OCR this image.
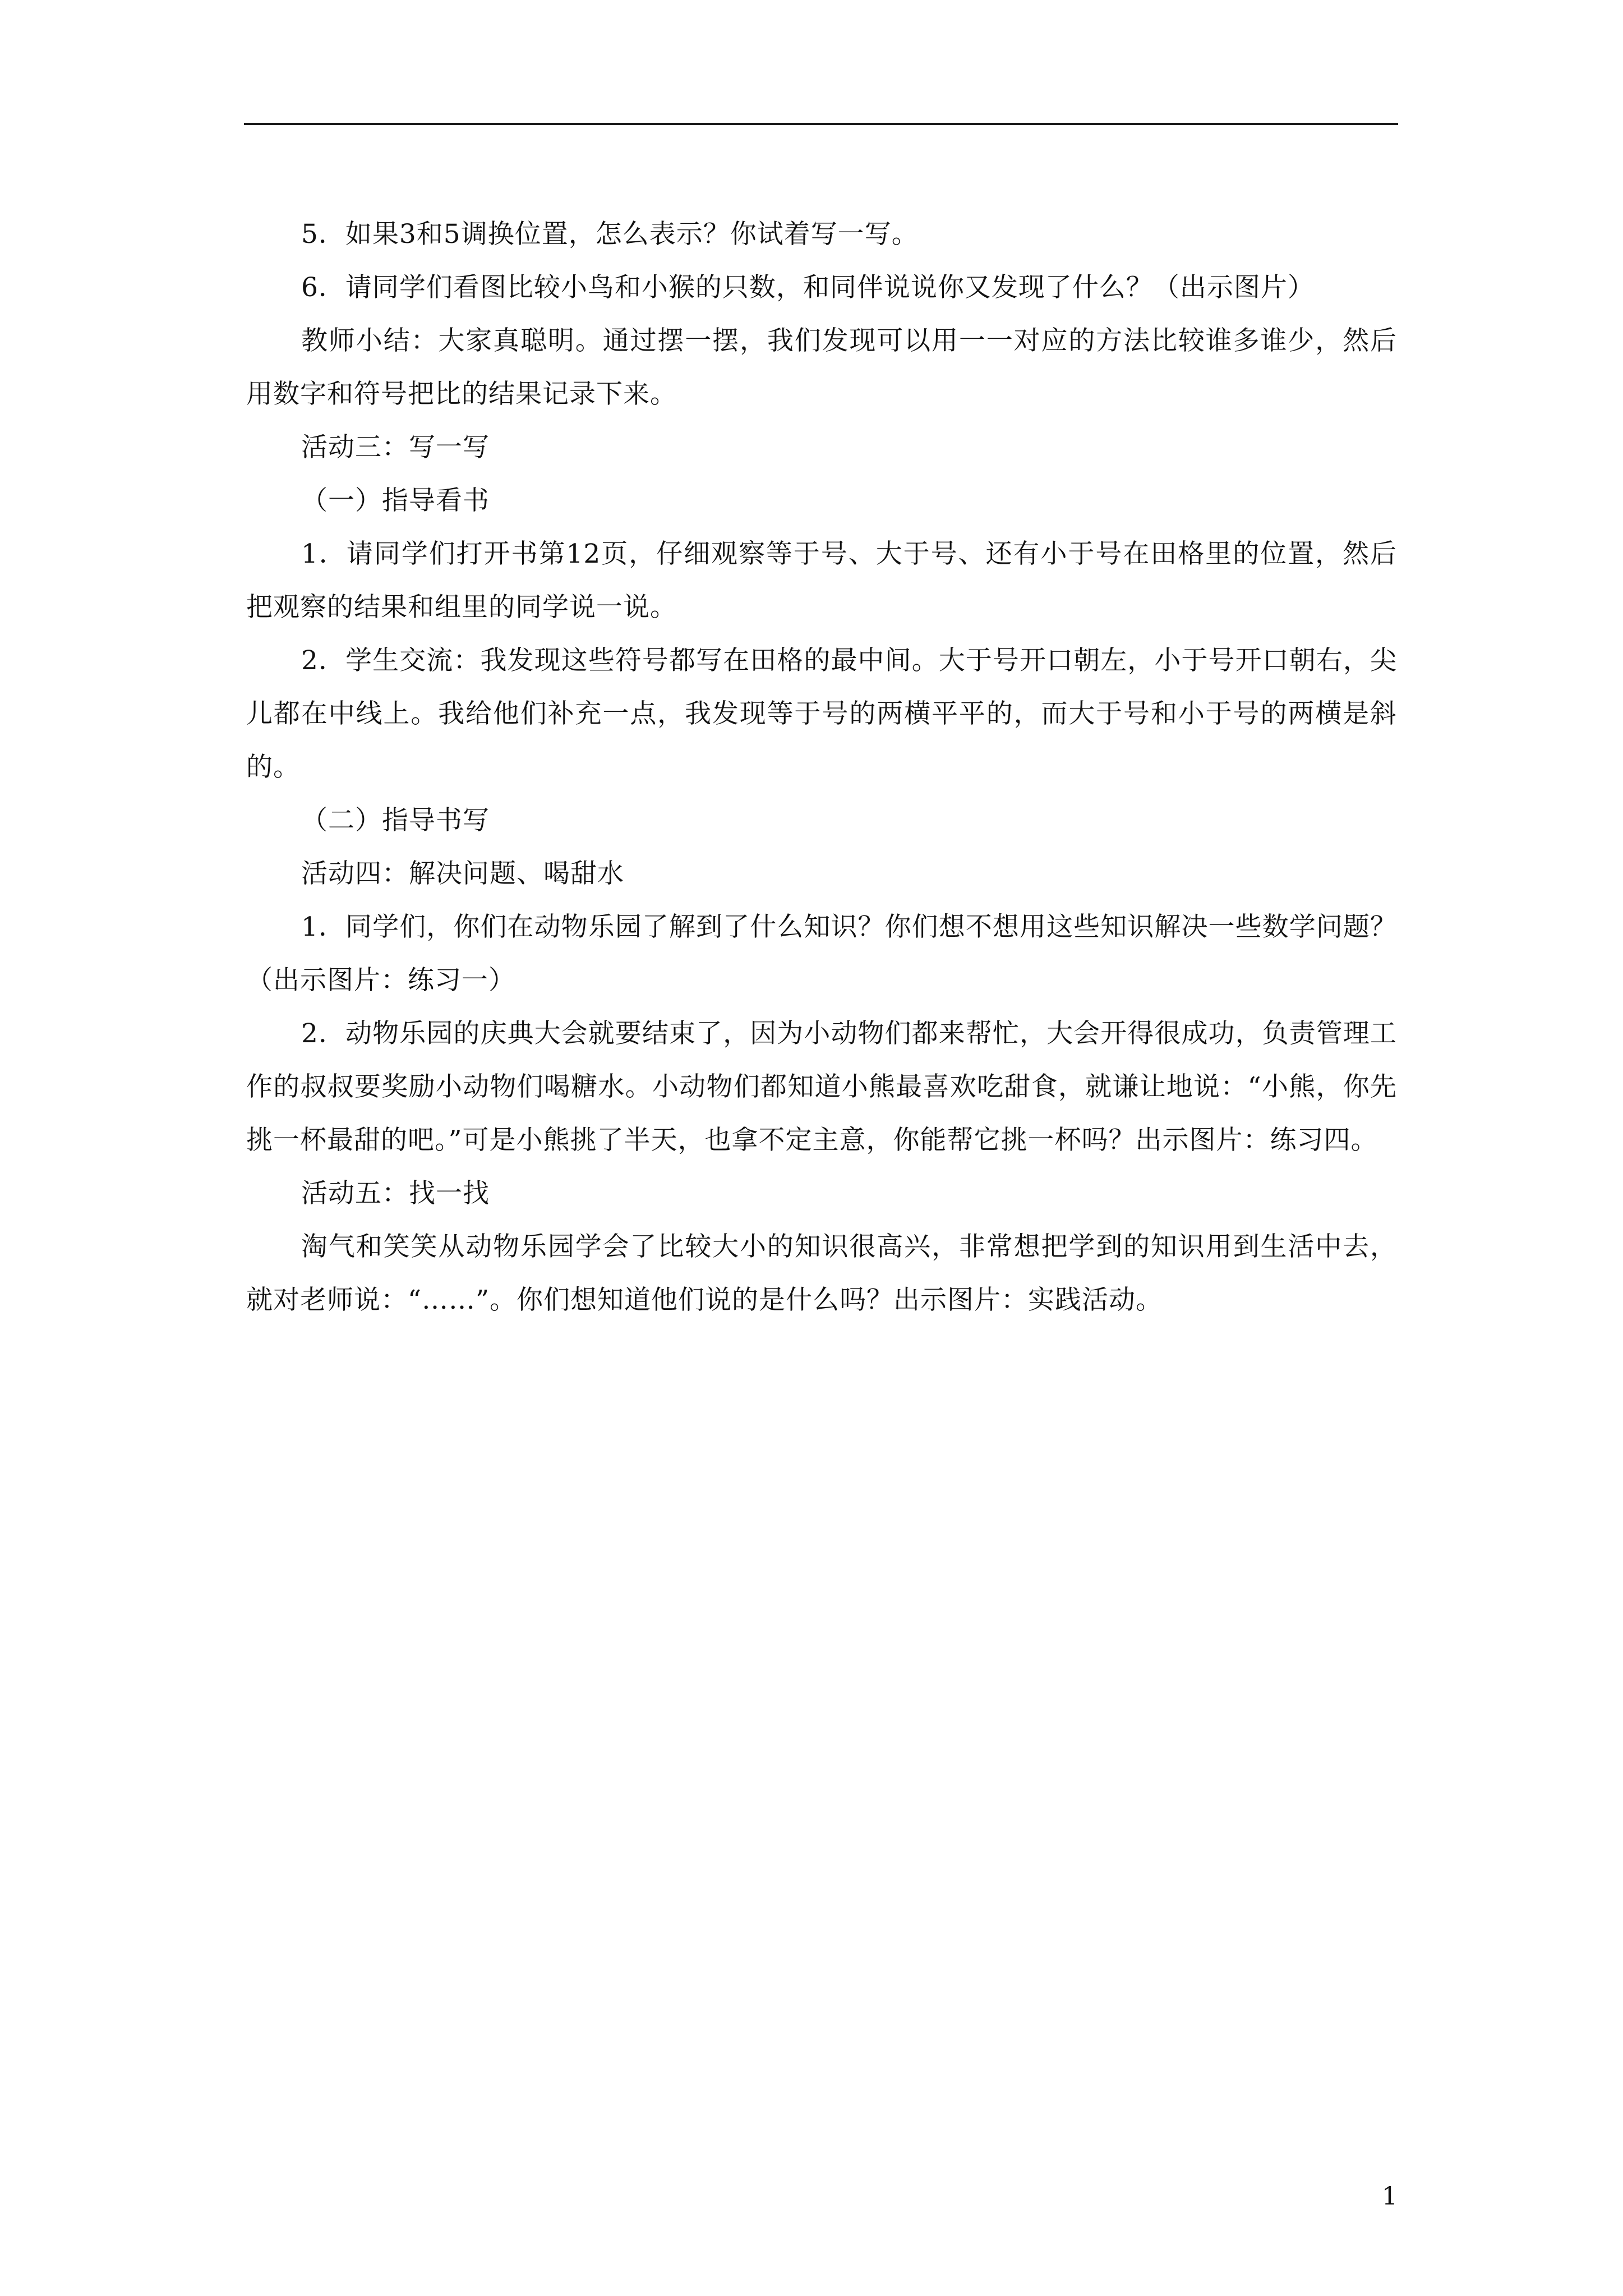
5．如果3和5调换位置，怎么表示？你试着写一写。

6．请同学们看图比较小鸟和小猴的只数，和同伴说说你又发现了什么？（出示图片）

教师小结：大家真聪明。通过摆一摆，我们发现可以用一一对应的方法比较谁多谁少，然后用数字和符号把比的结果记录下来。

活动三：写一写

（一）指导看书

1．请同学们打开书第12页，仔细观察等于号、大于号、还有小于号在田格里的位置，然后把观察的结果和组里的同学说一说。

2．学生交流：我发现这些符号都写在田格的最中间。大于号开口朝左，小于号开口朝右，尖儿都在中线上。我给他们补充一点，我发现等于号的两横平平的，而大于号和小于号的两横是斜的。

（二）指导书写

活动四：解决问题、喝甜水

1．同学们，你们在动物乐园了解到了什么知识？你们想不想用这些知识解决一些数学问题？（出示图片：练习一）

2．动物乐园的庆典大会就要结束了，因为小动物们都来帮忙，大会开得很成功，负责管理工作的叔叔要奖励小动物们喝糖水。小动物们都知道小熊最喜欢吃甜食，就谦让地说：“小熊，你先挑一杯最甜的吧。”可是小熊挑了半天，也拿不定主意，你能帮它挑一杯吗？出示图片：练习四。

活动五：找一找

淘气和笑笑从动物乐园学会了比较大小的知识很高兴，非常想把学到的知识用到生活中去，就对老师说：“……”。你们想知道他们说的是什么吗？出示图片：实践活动。

1
